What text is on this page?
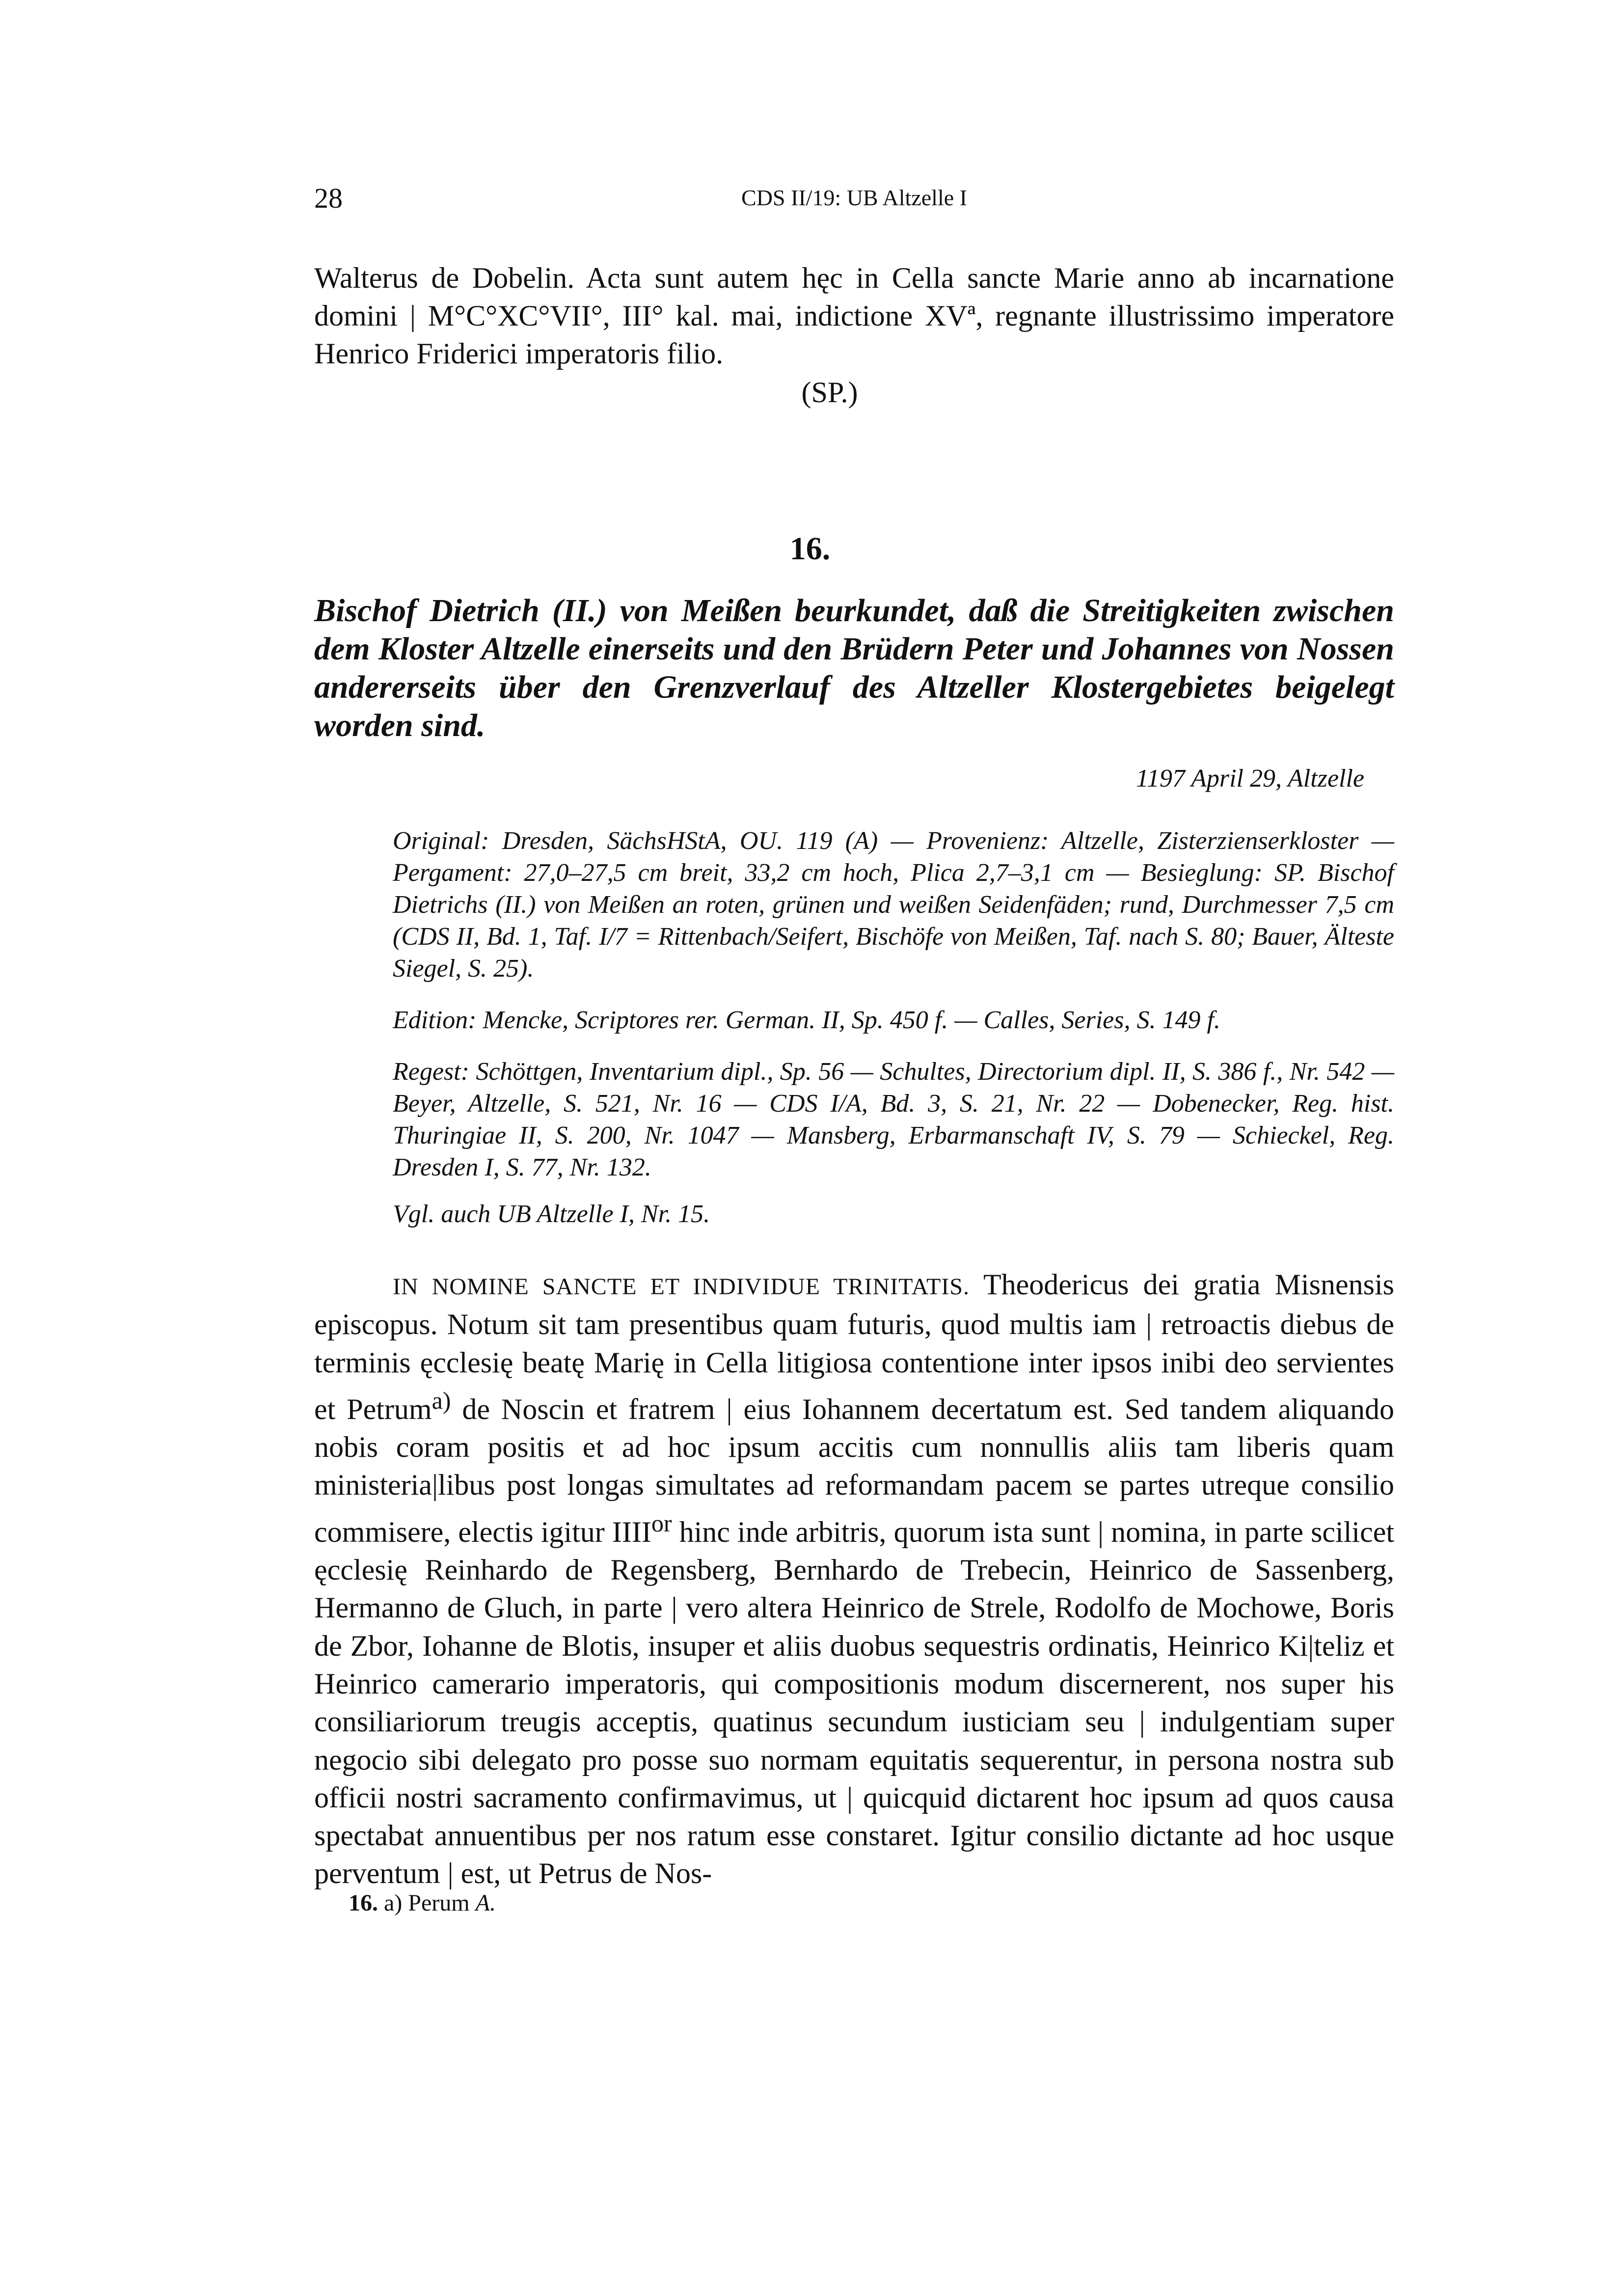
28	CDS II/19: UB Altzelle I
Walterus de Dobelin. Acta sunt autem hęc in Cella sancte Marie anno ab incarnatione domini | M°C°XC°VII°, III° kal. mai, indictione XVª, regnante illustrissimo imperatore Henrico Friderici imperatoris filio.
(SP.)
16.
Bischof Dietrich (II.) von Meißen beurkundet, daß die Streitigkeiten zwischen dem Kloster Altzelle einerseits und den Brüdern Peter und Johannes von Nossen andererseits über den Grenzverlauf des Altzeller Klostergebietes beigelegt worden sind.
1197 April 29, Altzelle
Original: Dresden, SächsHStA, OU. 119 (A) — Provenienz: Altzelle, Zisterzienserkloster — Pergament: 27,0–27,5 cm breit, 33,2 cm hoch, Plica 2,7–3,1 cm — Besieglung: SP. Bischof Dietrichs (II.) von Meißen an roten, grünen und weißen Seidenfäden; rund, Durchmesser 7,5 cm (CDS II, Bd. 1, Taf. I/7 = Rittenbach/Seifert, Bischöfe von Meißen, Taf. nach S. 80; Bauer, Älteste Siegel, S. 25).
Edition: Mencke, Scriptores rer. German. II, Sp. 450 f. — Calles, Series, S. 149 f.
Regest: Schöttgen, Inventarium dipl., Sp. 56 — Schultes, Directorium dipl. II, S. 386 f., Nr. 542 — Beyer, Altzelle, S. 521, Nr. 16 — CDS I/A, Bd. 3, S. 21, Nr. 22 — Dobenecker, Reg. hist. Thuringiae II, S. 200, Nr. 1047 — Mansberg, Erbarmanschaft IV, S. 79 — Schieckel, Reg. Dresden I, S. 77, Nr. 132.
Vgl. auch UB Altzelle I, Nr. 15.
IN NOMINE SANCTE ET INDIVIDUE TRINITATIS. Theodericus dei gratia Misnensis episcopus. Notum sit tam presentibus quam futuris, quod multis iam | retroactis diebus de terminis ęcclesię beatę Marię in Cella litigiosa contentione inter ipsos inibi deo servientes et Petrum$^{a)}$ de Noscin et fratrem | eius Iohannem decertatum est. Sed tandem aliquando nobis coram positis et ad hoc ipsum accitis cum nonnullis aliis tam liberis quam ministeria|libus post longas simultates ad reformandam pacem se partes utreque consilio commisere, electis igitur $IIII^{or}$ hinc inde arbitris, quorum ista sunt | nomina, in parte scilicet ęcclesię Reinhardo de Regensberg, Bernhardo de Trebecin, Heinrico de Sassenberg, Hermanno de Gluch, in parte | vero altera Heinrico de Strele, Rodolfo de Mochowe, Boris de Zbor, Iohanne de Blotis, insuper et aliis duobus sequestris ordinatis, Heinrico Ki|teliz et Heinrico camerario imperatoris, qui compositionis modum discernerent, nos super his consiliariorum treugis acceptis, quatinus secundum iusticiam seu | indulgentiam super negocio sibi delegato pro posse suo normam equitatis sequerentur, in persona nostra sub officii nostri sacramento confirmavimus, ut | quicquid dictarent hoc ipsum ad quos causa spectabat annuentibus per nos ratum esse constaret. Igitur consilio dictante ad hoc usque perventum | est, ut Petrus de Nos-
16. a) Perum A.
